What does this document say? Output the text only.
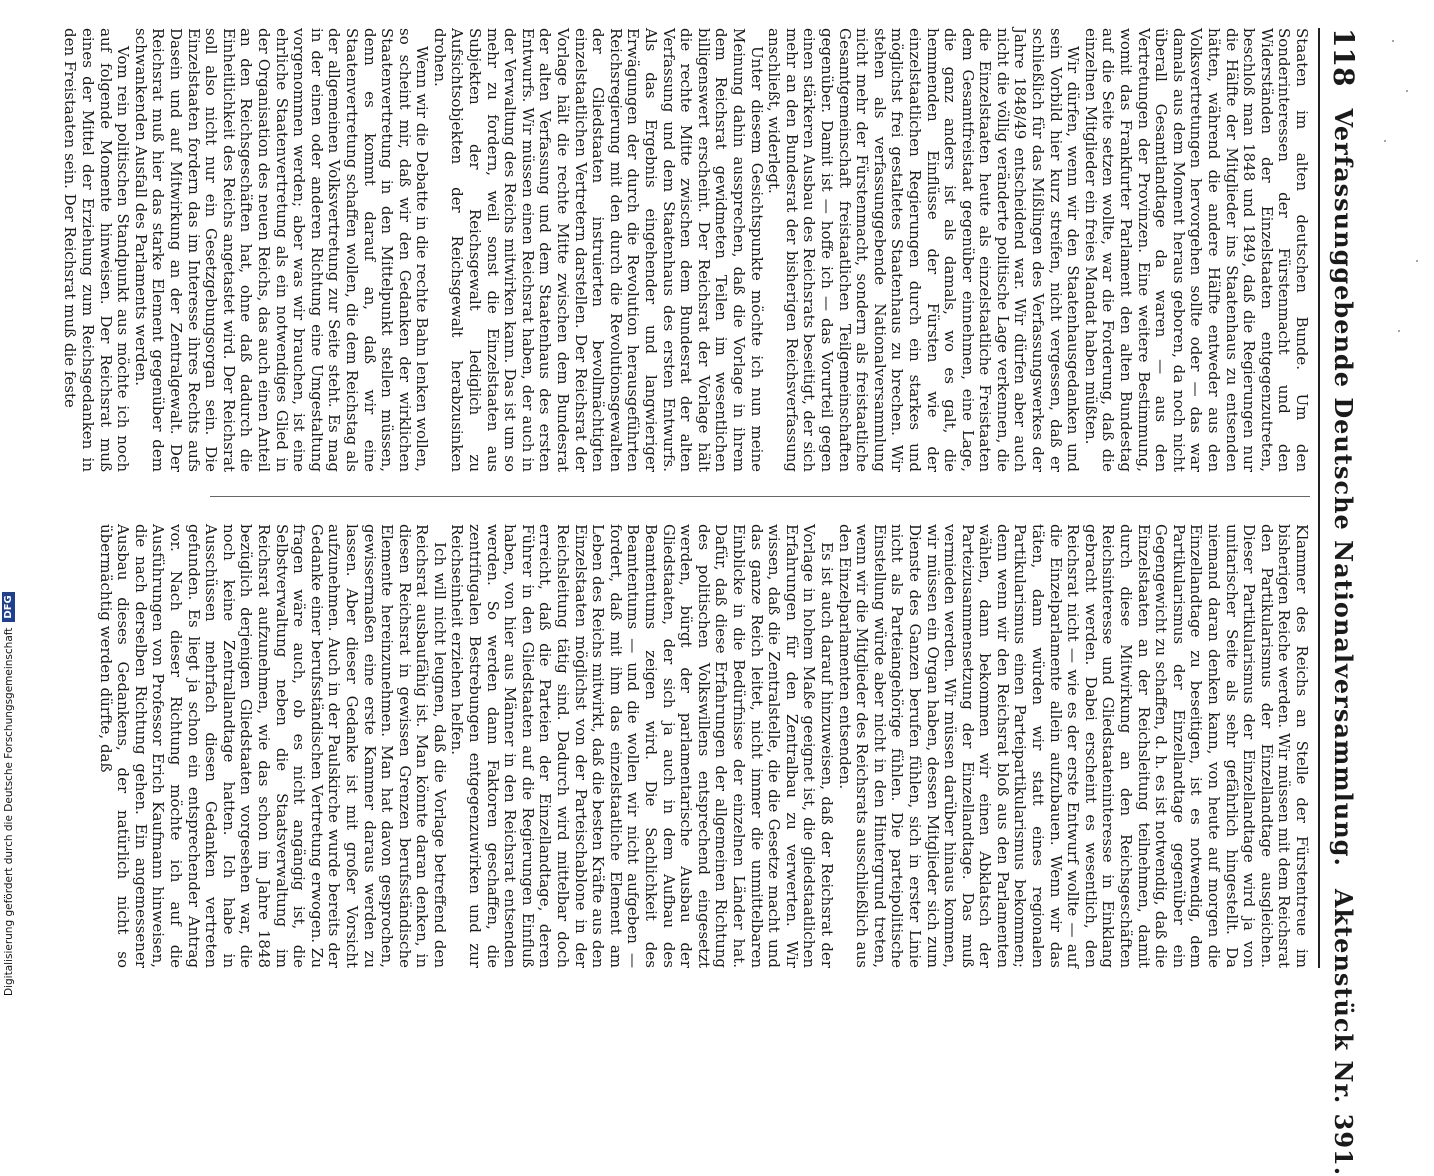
118
Verfassunggebende Deutsche Nationalversammlung.
Aktenstück Nr. 391.

Staaten im alten deutschen Bunde. Um den Sonderinteressen der Fürstenmacht und den Widerständen der Einzelstaaten entgegenzutreten, beschloß man 1848 und 1849, daß die Regierungen nur die Hälfte der Mitglieder ins Staatenhaus zu entsenden hätten, während die andere Hälfte entweder aus den Volksvertretungen hervorgehen sollte oder — das war damals aus dem Moment heraus geboren, da noch nicht überall Gesamtlandtage da waren — aus den Vertretungen der Provinzen. Eine weitere Bestimmung, womit das Frankfurter Parlament den alten Bundestag auf die Seite setzen wollte, war die Forderung, daß die einzelnen Mitglieder ein freies Mandat haben müßten.

Wir dürfen, wenn wir den Staatenhausgedanken und sein Vorbild hier kurz streifen, nicht vergessen, daß er schließlich für das Mißlingen des Verfassungswerkes der Jahre 1848/49 entscheidend war. Wir dürfen aber auch nicht die völlig veränderte politische Lage verkennen, die die Einzelstaaten heute als einzelstaatliche Freistaaten dem Gesamtfreistaat gegenüber einnehmen, eine Lage, die ganz anders ist als damals, wo es galt, die hemmenden Einflüsse der Fürsten wie der einzelstaatlichen Regierungen durch ein starkes und möglichst frei gestaltetes Staatenhaus zu brechen. Wir stehen als verfassunggebende Nationalversammlung nicht mehr der Fürstenmacht, sondern als freistaatliche Gesamtgemeinschaft freistaatlichen Teilgemeinschaften gegenüber. Damit ist — hoffe ich — das Vorurteil gegen einen stärkeren Ausbau des Reichsrats beseitigt, der sich mehr an den Bundesrat der bisherigen Reichsverfassung anschließt, widerlegt.

Unter diesem Gesichtspunkte möchte ich nun meine Meinung dahin aussprechen, daß die Vorlage in ihrem dem Reichsrat gewidmeten Teilen im wesentlichen billigenswert erscheint. Der Reichsrat der Vorlage hält die rechte Mitte zwischen dem Bundesrat der alten Verfassung und dem Staatenhaus des ersten Entwurfs. Als das Ergebnis eingehender und langwieriger Erwägungen der durch die Revolution herausgeführten Reichsregierung mit den durch die Revolutionsgewalten der Gliedstaaten instruierten bevollmächtigten einzelstaatlichen Vertretern darstellen. Der Reichsrat der Vorlage hält die rechte Mitte zwischen dem Bundesrat der alten Verfassung und dem Staatenhaus des ersten Entwurfs. Wir müssen einen Reichsrat haben, der auch in der Verwaltung des Reichs mitwirken kann. Das ist um so mehr zu fordern, weil sonst die Einzelstaaten aus Subjekten der Reichsgewalt lediglich zu Aufsichtsobjekten der Reichsgewalt herabzusinken drohen.

Wenn wir die Debatte in die rechte Bahn lenken wollen, so scheint mir, daß wir den Gedanken der wirklichen Staatenvertretung in den Mittelpunkt stellen müssen, denn es kommt darauf an, daß wir eine Staatenvertretung schaffen wollen, die dem Reichstag als der allgemeinen Volksvertretung zur Seite steht. Es mag in der einen oder anderen Richtung eine Umgestaltung vorgenommen werden; aber was wir brauchen, ist eine ehrliche Staatenvertretung als ein notwendiges Glied in der Organisation des neuen Reichs, das auch einen Anteil an den Reichsgeschäften hat, ohne daß dadurch die Einheitlichkeit des Reichs angetastet wird. Der Reichsrat soll also nicht nur ein Gesetzgebungsorgan sein. Die Einzelstaaten fordern das im Interesse ihres Rechts aufs Dasein und auf Mitwirkung an der Zentralgewalt. Der Reichsrat muß hier das starke Element gegenüber dem schwankenden Ausfall des Parlaments werden.

Vom rein politischen Standpunkt aus möchte ich noch auf folgende Momente hinweisen. Der Reichsrat muß eines der Mittel der Erziehung zum Reichsgedanken in den Freistaaten sein. Der Reichsrat muß die feste

Klammer des Reichs an Stelle der Fürstentreue im bisherigen Reiche werden. Wir müssen mit dem Reichsrat den Partikularismus der Einzellandtage ausgleichen. Dieser Partikularismus der Einzellandtage wird ja von unitarischer Seite als sehr gefährlich hingestellt. Da niemand daran denken kann, von heute auf morgen die Einzellandtage zu beseitigen, ist es notwendig, dem Partikularismus der Einzellandtage gegenüber ein Gegengewicht zu schaffen, d. h. es ist notwendig, daß die Einzelstaaten an der Reichsleitung teilnehmen, damit durch diese Mitwirkung an den Reichsgeschäften Reichsinteresse und Gliedstaateninteresse in Einklang gebracht werden. Dabei erscheint es wesentlich, den Reichsrat nicht — wie es der erste Entwurf wollte — auf die Einzelparlamente allein aufzubauen. Wenn wir das täten, dann würden wir statt eines regionalen Partikularismus einen Parteipartikularismus bekommen; denn wenn wir den Reichsrat bloß aus den Parlamenten wählen, dann bekommen wir einen Abklatsch der Parteizusammensetzung der Einzellandtage. Das muß vermieden werden. Wir müssen darüber hinaus kommen, wir müssen ein Organ haben, dessen Mitglieder sich zum Dienste des Ganzen berufen fühlen, sich in erster Linie nicht als Parteiangehörige fühlen. Die parteipolitische Einstellung würde aber nicht in den Hintergrund treten, wenn wir die Mitglieder des Reichsrats ausschließlich aus den Einzelparlamenten entsenden.

Es ist auch darauf hinzuweisen, daß der Reichsrat der Vorlage in hohem Maße geeignet ist, die gliedstaatlichen Erfahrungen für den Zentralbau zu verwerten. Wir wissen, daß die Zentralstelle, die die Gesetze macht und das ganze Reich leitet, nicht immer die unmittelbaren Einblicke in die Bedürfnisse der einzelnen Länder hat. Dafür, daß diese Erfahrungen der allgemeinen Richtung des politischen Volkswillens entsprechend eingesetzt werden, bürgt der parlamentarische Ausbau der Gliedstaaten, der sich ja auch in dem Aufbau des Beamtentums zeigen wird. Die Sachlichkeit des Beamtentums — und die wollen wir nicht aufgeben — fordert, daß mit ihm das einzelstaatliche Element am Leben des Reichs mitwirkt, daß die besten Kräfte aus den Einzelstaaten möglichst von der Parteischablone in der Reichsleitung tätig sind. Dadurch wird mittelbar doch erreicht, daß die Parteien der Einzellandtage, deren Führer in den Gliedstaaten auf die Regierungen Einfluß haben, von hier aus Männer in den Reichsrat entsenden werden. So werden dann Faktoren geschaffen, die zentrifugalen Bestrebungen entgegenzuwirken und zur Reichseinheit erziehen helfen.

Ich will nicht leugnen, daß die Vorlage betreffend den Reichsrat ausbaufähig ist. Man könnte daran denken, in diesen Reichsrat in gewissen Grenzen berufsständische Elemente hereinzunehmen. Man hat davon gesprochen, gewissermaßen eine erste Kammer daraus werden zu lassen. Aber dieser Gedanke ist mit großer Vorsicht aufzunehmen. Auch in der Paulskirche wurde bereits der Gedanke einer berufsständischen Vertretung erwogen. Zu fragen wäre auch, ob es nicht angängig ist, die Selbstverwaltung neben die Staatsverwaltung im Reichsrat aufzunehmen, wie das schon im Jahre 1848 bezüglich derjenigen Gliedstaaten vorgesehen war, die noch keine Zentrallandtage hatten. Ich habe in Ausschüssen mehrfach diesen Gedanken vertreten gefunden. Es liegt ja schon ein entsprechender Antrag vor. Nach dieser Richtung möchte ich auf die Ausführungen von Professor Erich Kaufmann hinweisen, die nach derselben Richtung gehen. Ein angemessener Ausbau dieses Gedankens, der natürlich nicht so übermächtig werden dürfte, daß

Digitalisierung gefördert durch die Deutsche Forschungsgemeinschaft
DFG
